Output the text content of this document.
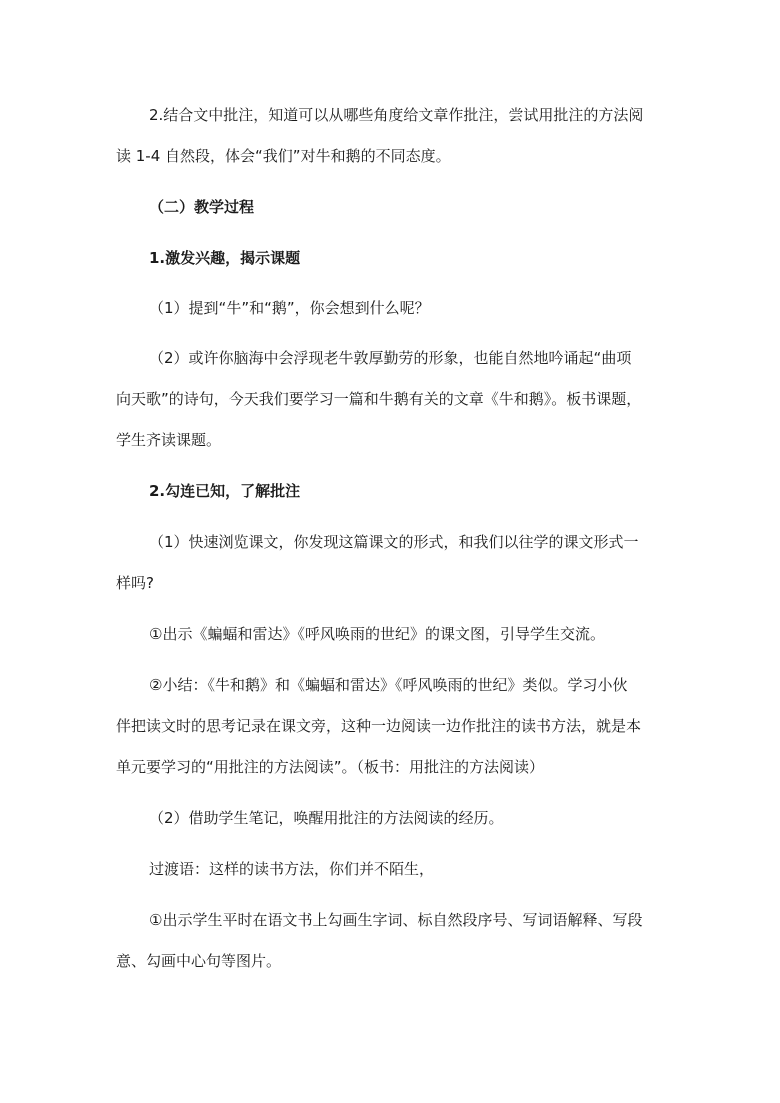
2.结合文中批注，知道可以从哪些角度给文章作批注，尝试用批注的方法阅
读 1-4 自然段，体会“我们”对牛和鹅的不同态度。
（二）教学过程
1.激发兴趣，揭示课题
（1）提到“牛”和“鹅”，你会想到什么呢？
（2）或许你脑海中会浮现老牛敦厚勤劳的形象，也能自然地吟诵起“曲项
向天歌”的诗句，今天我们要学习一篇和牛鹅有关的文章《牛和鹅》。板书课题，
学生齐读课题。
2.勾连已知，了解批注
（1）快速浏览课文，你发现这篇课文的形式，和我们以往学的课文形式一
样吗?
①出示《蝙蝠和雷达》《呼风唤雨的世纪》的课文图，引导学生交流。
②小结：《牛和鹅》和《蝙蝠和雷达》《呼风唤雨的世纪》类似。学习小伙
伴把读文时的思考记录在课文旁，这种一边阅读一边作批注的读书方法，就是本
单元要学习的“用批注的方法阅读”。（板书：用批注的方法阅读）
（2）借助学生笔记，唤醒用批注的方法阅读的经历。
过渡语：这样的读书方法，你们并不陌生，
①出示学生平时在语文书上勾画生字词、标自然段序号、写词语解释、写段
意、勾画中心句等图片。
